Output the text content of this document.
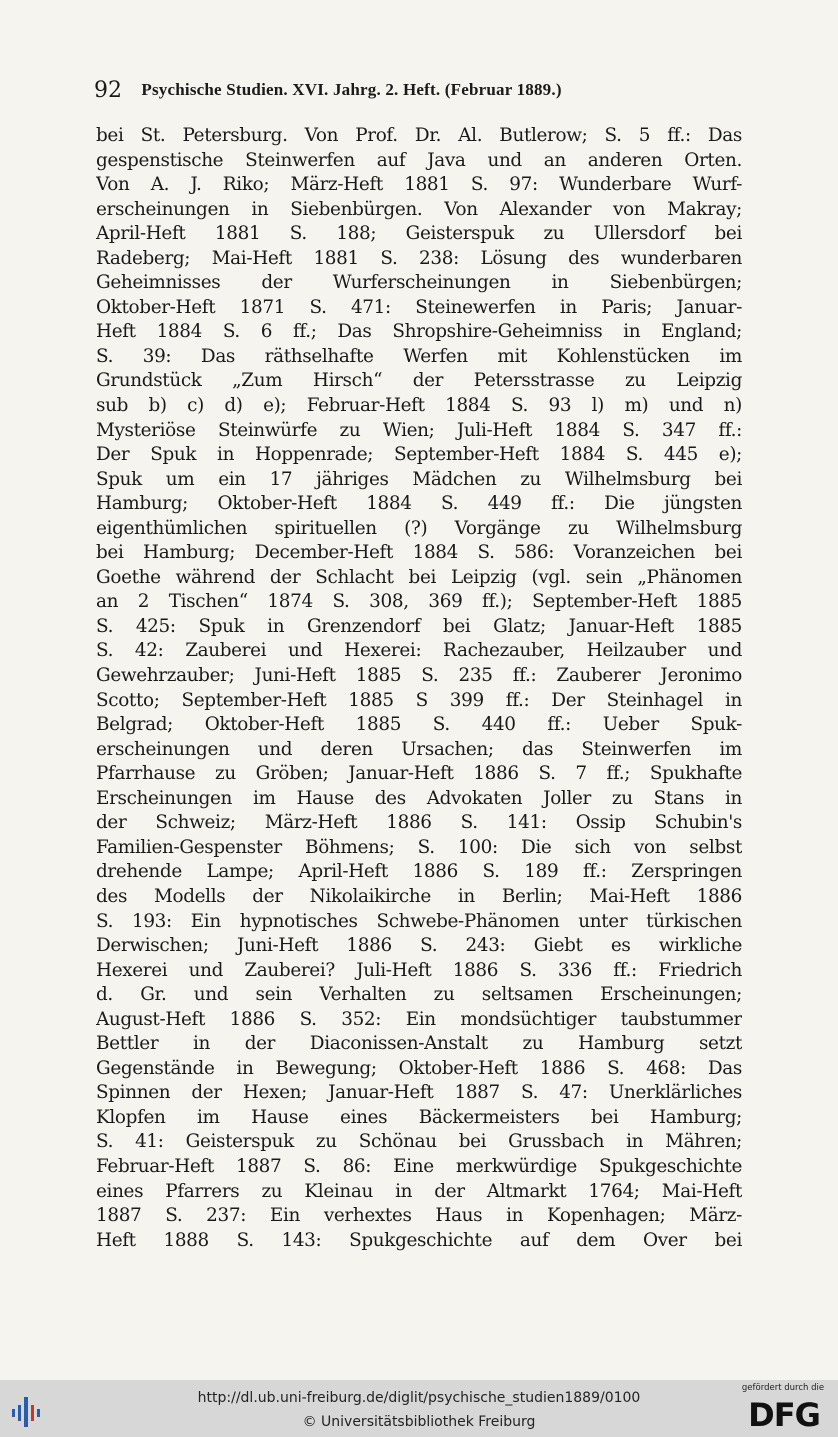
92 Psychische Studien. XVI. Jahrg. 2. Heft. (Februar 1889.)
bei St. Petersburg. Von Prof. Dr. Al. Butlerow; S. 5 ff.: Das
gespenstische Steinwerfen auf Java und an anderen Orten.
Von A. J. Riko; März-Heft 1881 S. 97: Wunderbare Wurf-
erscheinungen in Siebenbürgen. Von Alexander von Makray;
April-Heft 1881 S. 188; Geisterspuk zu Ullersdorf bei
Radeberg; Mai-Heft 1881 S. 238: Lösung des wunderbaren
Geheimnisses der Wurferscheinungen in Siebenbürgen;
Oktober-Heft 1871 S. 471: Steinewerfen in Paris; Januar-
Heft 1884 S. 6 ff.; Das Shropshire-Geheimniss in England;
S. 39: Das räthselhafte Werfen mit Kohlenstücken im
Grundstück „Zum Hirsch“ der Petersstrasse zu Leipzig
sub b) c) d) e); Februar-Heft 1884 S. 93 l) m) und n)
Mysteriöse Steinwürfe zu Wien; Juli-Heft 1884 S. 347 ff.:
Der Spuk in Hoppenrade; September-Heft 1884 S. 445 e);
Spuk um ein 17 jähriges Mädchen zu Wilhelmsburg bei
Hamburg; Oktober-Heft 1884 S. 449 ff.: Die jüngsten
eigenthümlichen spirituellen (?) Vorgänge zu Wilhelmsburg
bei Hamburg; December-Heft 1884 S. 586: Voranzeichen bei
Goethe während der Schlacht bei Leipzig (vgl. sein „Phänomen
an 2 Tischen“ 1874 S. 308, 369 ff.); September-Heft 1885
S. 425: Spuk in Grenzendorf bei Glatz; Januar-Heft 1885
S. 42: Zauberei und Hexerei: Rachezauber, Heilzauber und
Gewehrzauber; Juni-Heft 1885 S. 235 ff.: Zauberer Jeronimo
Scotto; September-Heft 1885 S 399 ff.: Der Steinhagel in
Belgrad; Oktober-Heft 1885 S. 440 ff.: Ueber Spuk-
erscheinungen und deren Ursachen; das Steinwerfen im
Pfarrhause zu Gröben; Januar-Heft 1886 S. 7 ff.; Spukhafte
Erscheinungen im Hause des Advokaten Joller zu Stans in
der Schweiz; März-Heft 1886 S. 141: Ossip Schubin's
Familien-Gespenster Böhmens; S. 100: Die sich von selbst
drehende Lampe; April-Heft 1886 S. 189 ff.: Zerspringen
des Modells der Nikolaikirche in Berlin; Mai-Heft 1886
S. 193: Ein hypnotisches Schwebe-Phänomen unter türkischen
Derwischen; Juni-Heft 1886 S. 243: Giebt es wirkliche
Hexerei und Zauberei? Juli-Heft 1886 S. 336 ff.: Friedrich
d. Gr. und sein Verhalten zu seltsamen Erscheinungen;
August-Heft 1886 S. 352: Ein mondsüchtiger taubstummer
Bettler in der Diaconissen-Anstalt zu Hamburg setzt
Gegenstände in Bewegung; Oktober-Heft 1886 S. 468: Das
Spinnen der Hexen; Januar-Heft 1887 S. 47: Unerklärliches
Klopfen im Hause eines Bäckermeisters bei Hamburg;
S. 41: Geisterspuk zu Schönau bei Grussbach in Mähren;
Februar-Heft 1887 S. 86: Eine merkwürdige Spukgeschichte
eines Pfarrers zu Kleinau in der Altmarkt 1764; Mai-Heft
1887 S. 237: Ein verhextes Haus in Kopenhagen; März-
Heft 1888 S. 143: Spukgeschichte auf dem Over bei
http://dl.ub.uni-freiburg.de/diglit/psychische_studien1889/0100
© Universitätsbibliothek Freiburg
gefördert durch die
DFG
